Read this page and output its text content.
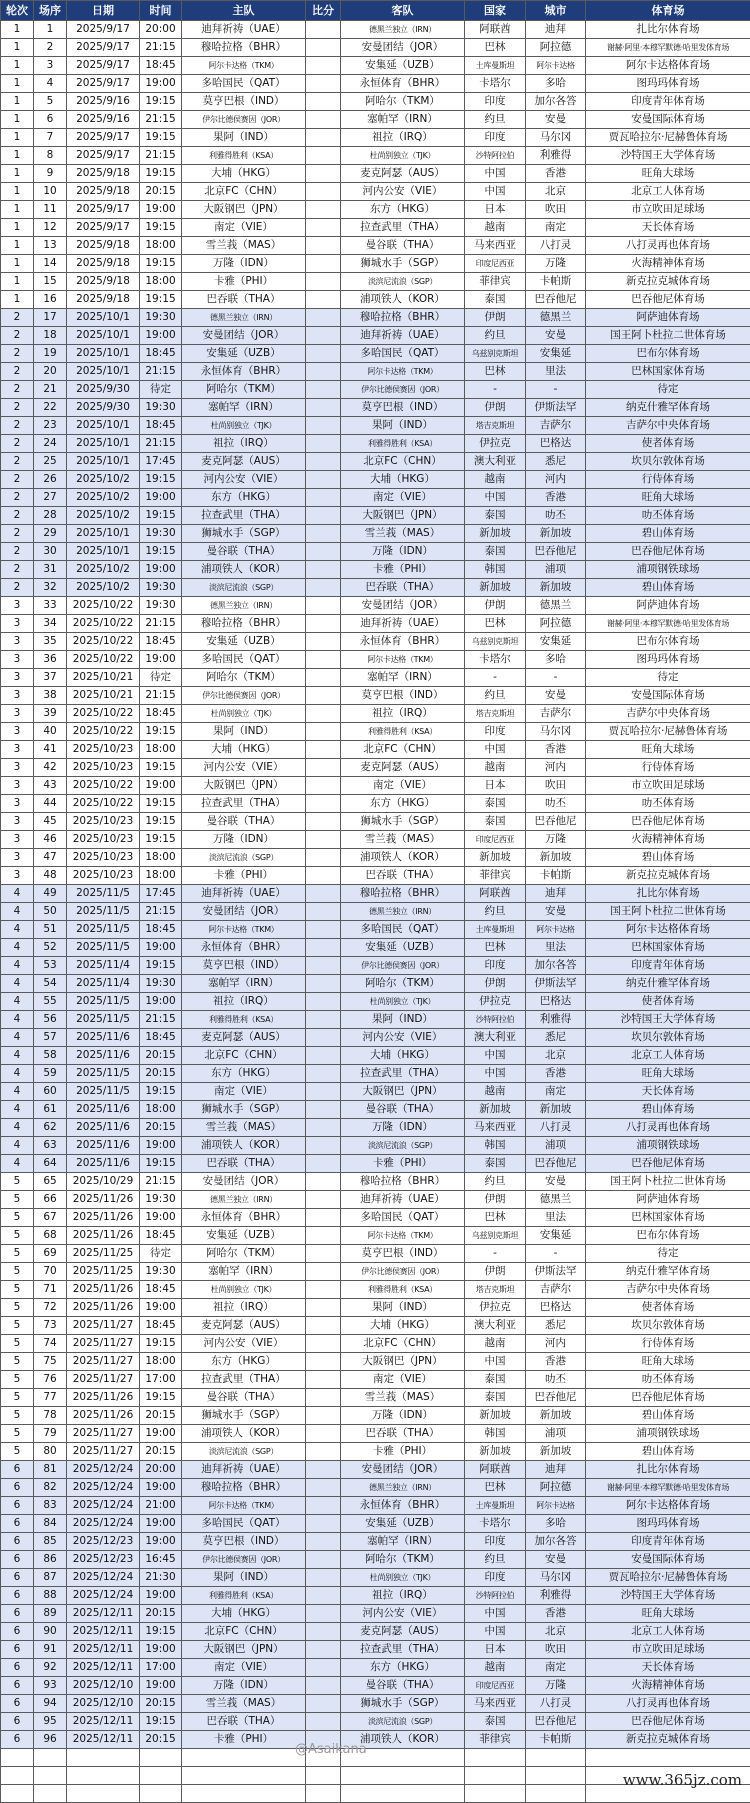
轮次	场序	日期	时间	主队	比分	客队	国家	城市	体育场
1	1	2025/9/17	20:00	迪拜祈祷（UAE）		德黑兰独立（IRN）	阿联酋	迪拜	扎比尔体育场
1	2	2025/9/17	21:15	穆哈拉格（BHR）		安曼团结（JOR）	巴林	阿拉德	谢赫·阿里·本穆罕默德·哈里发体育场
1	3	2025/9/17	18:45	阿尔卡达格（TKM）		安集延（UZB）	土库曼斯坦	阿尔卡达格	阿尔卡达格体育场
1	4	2025/9/17	19:00	多哈国民（QAT）		永恒体育（BHR）	卡塔尔	多哈	图玛玛体育场
1	5	2025/9/16	19:15	莫亨巴根（IND）		阿哈尔（TKM）	印度	加尔各答	印度青年体育场
1	6	2025/9/16	21:15	伊尔比德侯赛因（JOR）		塞帕罕（IRN）	约旦	安曼	安曼国际体育场
1	7	2025/9/17	19:15	果阿（IND）		祖拉（IRQ）	印度	马尔冈	贾瓦哈拉尔·尼赫鲁体育场
1	8	2025/9/17	21:15	利雅得胜利（KSA）		杜尚别独立（TJK）	沙特阿拉伯	利雅得	沙特国王大学体育场
1	9	2025/9/18	19:15	大埔（HKG）		麦克阿瑟（AUS）	中国	香港	旺角大球场
1	10	2025/9/18	20:15	北京FC（CHN）		河内公安（VIE）	中国	北京	北京工人体育场
1	11	2025/9/17	19:00	大阪钢巴（JPN）		东方（HKG）	日本	吹田	市立吹田足球场
1	12	2025/9/17	19:15	南定（VIE）		拉查武里（THA）	越南	南定	天长体育场
1	13	2025/9/18	18:00	雪兰莪（MAS）		曼谷联（THA）	马来西亚	八打灵	八打灵再也体育场
1	14	2025/9/18	19:15	万隆（IDN）		狮城水手（SGP）	印度尼西亚	万隆	火海精神体育场
1	15	2025/9/18	18:00	卡雅（PHI）		淡滨尼流浪（SGP）	菲律宾	卡帕斯	新克拉克城体育场
1	16	2025/9/18	19:15	巴吞联（THA）		浦项铁人（KOR）	泰国	巴吞他尼	巴吞他尼体育场
2	17	2025/10/1	19:30	德黑兰独立（IRN）		穆哈拉格（BHR）	伊朗	德黑兰	阿萨迪体育场
2	18	2025/10/1	19:00	安曼团结（JOR）		迪拜祈祷（UAE）	约旦	安曼	国王阿卜杜拉二世体育场
2	19	2025/10/1	18:45	安集延（UZB）		多哈国民（QAT）	乌兹别克斯坦	安集延	巴布尔体育场
2	20	2025/10/1	21:15	永恒体育（BHR）		阿尔卡达格（TKM）	巴林	里法	巴林国家体育场
2	21	2025/9/30	待定	阿哈尔（TKM）		伊尔比德侯赛因（JOR）	-	-	待定
2	22	2025/9/30	19:30	塞帕罕（IRN）		莫亨巴根（IND）	伊朗	伊斯法罕	纳克什雅罕体育场
2	23	2025/10/1	18:45	杜尚别独立（TJK）		果阿（IND）	塔吉克斯坦	吉萨尔	吉萨尔中央体育场
2	24	2025/10/1	21:15	祖拉（IRQ）		利雅得胜利（KSA）	伊拉克	巴格达	使者体育场
2	25	2025/10/1	17:45	麦克阿瑟（AUS）		北京FC（CHN）	澳大利亚	悉尼	坎贝尔敦体育场
2	26	2025/10/2	19:15	河内公安（VIE）		大埔（HKG）	越南	河内	行侍体育场
2	27	2025/10/2	19:00	东方（HKG）		南定（VIE）	中国	香港	旺角大球场
2	28	2025/10/2	19:15	拉查武里（THA）		大阪钢巴（JPN）	泰国	叻丕	叻丕体育场
2	29	2025/10/1	19:30	狮城水手（SGP）		雪兰莪（MAS）	新加坡	新加坡	碧山体育场
2	30	2025/10/1	19:15	曼谷联（THA）		万隆（IDN）	泰国	巴吞他尼	巴吞他尼体育场
2	31	2025/10/2	19:00	浦项铁人（KOR）		卡雅（PHI）	韩国	浦项	浦项钢铁球场
2	32	2025/10/2	19:30	淡滨尼流浪（SGP）		巴吞联（THA）	新加坡	新加坡	碧山体育场
3	33	2025/10/22	19:30	德黑兰独立（IRN）		安曼团结（JOR）	伊朗	德黑兰	阿萨迪体育场
3	34	2025/10/22	21:15	穆哈拉格（BHR）		迪拜祈祷（UAE）	巴林	阿拉德	谢赫·阿里·本穆罕默德·哈里发体育场
3	35	2025/10/22	18:45	安集延（UZB）		永恒体育（BHR）	乌兹别克斯坦	安集延	巴布尔体育场
3	36	2025/10/22	19:00	多哈国民（QAT）		阿尔卡达格（TKM）	卡塔尔	多哈	图玛玛体育场
3	37	2025/10/21	待定	阿哈尔（TKM）		塞帕罕（IRN）	-	-	待定
3	38	2025/10/21	21:15	伊尔比德侯赛因（JOR）		莫亨巴根（IND）	约旦	安曼	安曼国际体育场
3	39	2025/10/22	18:45	杜尚别独立（TJK）		祖拉（IRQ）	塔吉克斯坦	吉萨尔	吉萨尔中央体育场
3	40	2025/10/22	19:15	果阿（IND）		利雅得胜利（KSA）	印度	马尔冈	贾瓦哈拉尔·尼赫鲁体育场
3	41	2025/10/23	18:00	大埔（HKG）		北京FC（CHN）	中国	香港	旺角大球场
3	42	2025/10/23	19:15	河内公安（VIE）		麦克阿瑟（AUS）	越南	河内	行侍体育场
3	43	2025/10/22	19:00	大阪钢巴（JPN）		南定（VIE）	日本	吹田	市立吹田足球场
3	44	2025/10/22	19:15	拉查武里（THA）		东方（HKG）	泰国	叻丕	叻丕体育场
3	45	2025/10/23	19:15	曼谷联（THA）		狮城水手（SGP）	泰国	巴吞他尼	巴吞他尼体育场
3	46	2025/10/23	19:15	万隆（IDN）		雪兰莪（MAS）	印度尼西亚	万隆	火海精神体育场
3	47	2025/10/23	18:00	淡滨尼流浪（SGP）		浦项铁人（KOR）	新加坡	新加坡	碧山体育场
3	48	2025/10/23	18:00	卡雅（PHI）		巴吞联（THA）	菲律宾	卡帕斯	新克拉克城体育场
4	49	2025/11/5	17:45	迪拜祈祷（UAE）		穆哈拉格（BHR）	阿联酋	迪拜	扎比尔体育场
4	50	2025/11/5	21:15	安曼团结（JOR）		德黑兰独立（IRN）	约旦	安曼	国王阿卜杜拉二世体育场
4	51	2025/11/5	18:45	阿尔卡达格（TKM）		多哈国民（QAT）	土库曼斯坦	阿尔卡达格	阿尔卡达格体育场
4	52	2025/11/5	19:00	永恒体育（BHR）		安集延（UZB）	巴林	里法	巴林国家体育场
4	53	2025/11/4	19:15	莫亨巴根（IND）		伊尔比德侯赛因（JOR）	印度	加尔各答	印度青年体育场
4	54	2025/11/4	19:30	塞帕罕（IRN）		阿哈尔（TKM）	伊朗	伊斯法罕	纳克什雅罕体育场
4	55	2025/11/5	19:00	祖拉（IRQ）		杜尚别独立（TJK）	伊拉克	巴格达	使者体育场
4	56	2025/11/5	21:15	利雅得胜利（KSA）		果阿（IND）	沙特阿拉伯	利雅得	沙特国王大学体育场
4	57	2025/11/6	18:45	麦克阿瑟（AUS）		河内公安（VIE）	澳大利亚	悉尼	坎贝尔敦体育场
4	58	2025/11/6	20:15	北京FC（CHN）		大埔（HKG）	中国	北京	北京工人体育场
4	59	2025/11/5	20:15	东方（HKG）		拉查武里（THA）	中国	香港	旺角大球场
4	60	2025/11/5	19:15	南定（VIE）		大阪钢巴（JPN）	越南	南定	天长体育场
4	61	2025/11/6	18:00	狮城水手（SGP）		曼谷联（THA）	新加坡	新加坡	碧山体育场
4	62	2025/11/6	20:15	雪兰莪（MAS）		万隆（IDN）	马来西亚	八打灵	八打灵再也体育场
4	63	2025/11/6	19:00	浦项铁人（KOR）		淡滨尼流浪（SGP）	韩国	浦项	浦项钢铁球场
4	64	2025/11/6	19:15	巴吞联（THA）		卡雅（PHI）	泰国	巴吞他尼	巴吞他尼体育场
5	65	2025/10/29	21:15	安曼团结（JOR）		穆哈拉格（BHR）	约旦	安曼	国王阿卜杜拉二世体育场
5	66	2025/11/26	19:30	德黑兰独立（IRN）		迪拜祈祷（UAE）	伊朗	德黑兰	阿萨迪体育场
5	67	2025/11/26	19:00	永恒体育（BHR）		多哈国民（QAT）	巴林	里法	巴林国家体育场
5	68	2025/11/26	18:45	安集延（UZB）		阿尔卡达格（TKM）	乌兹别克斯坦	安集延	巴布尔体育场
5	69	2025/11/25	待定	阿哈尔（TKM）		莫亨巴根（IND）	-	-	待定
5	70	2025/11/25	19:30	塞帕罕（IRN）		伊尔比德侯赛因（JOR）	伊朗	伊斯法罕	纳克什雅罕体育场
5	71	2025/11/26	18:45	杜尚别独立（TJK）		利雅得胜利（KSA）	塔吉克斯坦	吉萨尔	吉萨尔中央体育场
5	72	2025/11/26	19:00	祖拉（IRQ）		果阿（IND）	伊拉克	巴格达	使者体育场
5	73	2025/11/27	18:45	麦克阿瑟（AUS）		大埔（HKG）	澳大利亚	悉尼	坎贝尔敦体育场
5	74	2025/11/27	19:15	河内公安（VIE）		北京FC（CHN）	越南	河内	行侍体育场
5	75	2025/11/27	18:00	东方（HKG）		大阪钢巴（JPN）	中国	香港	旺角大球场
5	76	2025/11/27	17:00	拉查武里（THA）		南定（VIE）	泰国	叻丕	叻丕体育场
5	77	2025/11/26	19:15	曼谷联（THA）		雪兰莪（MAS）	泰国	巴吞他尼	巴吞他尼体育场
5	78	2025/11/26	20:15	狮城水手（SGP）		万隆（IDN）	新加坡	新加坡	碧山体育场
5	79	2025/11/27	19:00	浦项铁人（KOR）		巴吞联（THA）	韩国	浦项	浦项钢铁球场
5	80	2025/11/27	20:15	淡滨尼流浪（SGP）		卡雅（PHI）	新加坡	新加坡	碧山体育场
6	81	2025/12/24	20:00	迪拜祈祷（UAE）		安曼团结（JOR）	阿联酋	迪拜	扎比尔体育场
6	82	2025/12/24	19:00	穆哈拉格（BHR）		德黑兰独立（IRN）	巴林	阿拉德	谢赫·阿里·本穆罕默德·哈里发体育场
6	83	2025/12/24	21:00	阿尔卡达格（TKM）		永恒体育（BHR）	土库曼斯坦	阿尔卡达格	阿尔卡达格体育场
6	84	2025/12/24	19:00	多哈国民（QAT）		安集延（UZB）	卡塔尔	多哈	图玛玛体育场
6	85	2025/12/23	19:00	莫亨巴根（IND）		塞帕罕（IRN）	印度	加尔各答	印度青年体育场
6	86	2025/12/23	16:45	伊尔比德侯赛因（JOR）		阿哈尔（TKM）	约旦	安曼	安曼国际体育场
6	87	2025/12/24	21:30	果阿（IND）		杜尚别独立（TJK）	印度	马尔冈	贾瓦哈拉尔·尼赫鲁体育场
6	88	2025/12/24	19:00	利雅得胜利（KSA）		祖拉（IRQ）	沙特阿拉伯	利雅得	沙特国王大学体育场
6	89	2025/12/11	20:15	大埔（HKG）		河内公安（VIE）	中国	香港	旺角大球场
6	90	2025/12/11	19:15	北京FC（CHN）		麦克阿瑟（AUS）	中国	北京	北京工人体育场
6	91	2025/12/11	19:00	大阪钢巴（JPN）		拉查武里（THA）	日本	吹田	市立吹田足球场
6	92	2025/12/11	17:00	南定（VIE）		东方（HKG）	越南	南定	天长体育场
6	93	2025/12/10	19:00	万隆（IDN）		曼谷联（THA）	印度尼西亚	万隆	火海精神体育场
6	94	2025/12/10	20:15	雪兰莪（MAS）		狮城水手（SGP）	马来西亚	八打灵	八打灵再也体育场
6	95	2025/12/11	19:15	巴吞联（THA）		淡滨尼流浪（SGP）	泰国	巴吞他尼	巴吞他尼体育场
6	96	2025/12/11	20:15	卡雅（PHI）		浦项铁人（KOR）	菲律宾	卡帕斯	新克拉克城体育场

@Asaikana
www.365jz.com
